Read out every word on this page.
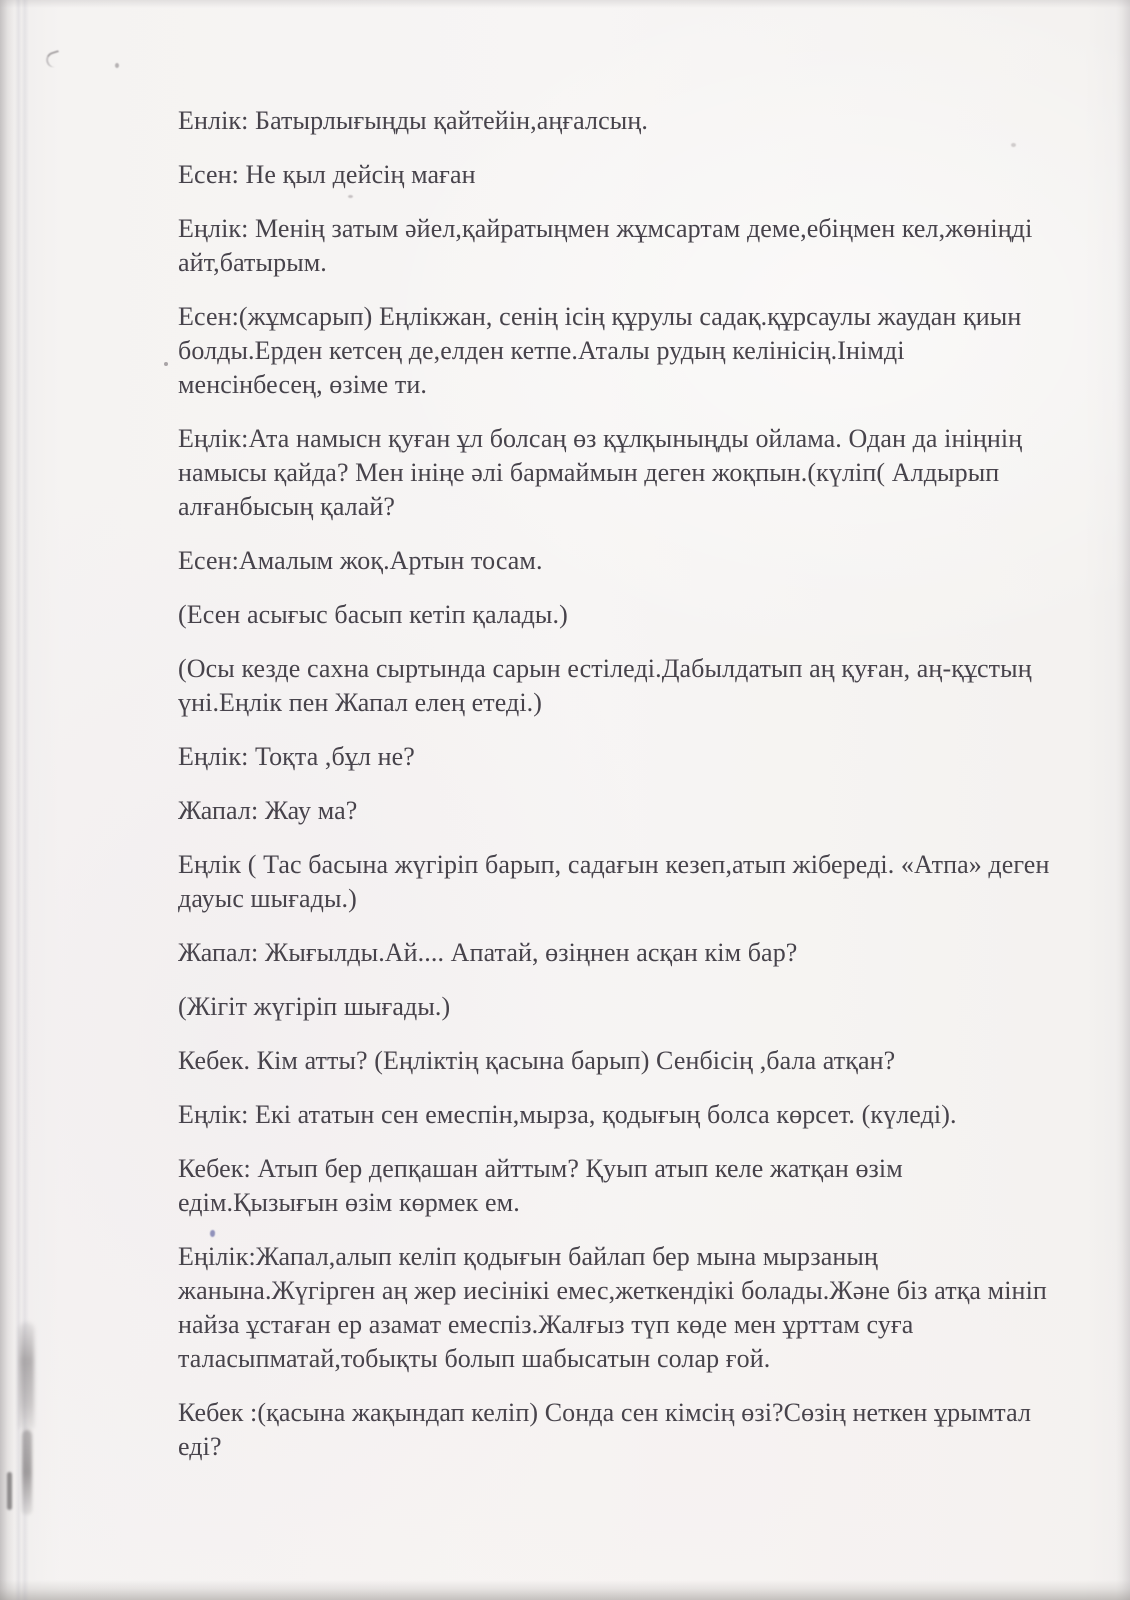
Енлік: Батырлығыңды қайтейін,аңғалсың.

Есен: Не қыл дейсің маған

Еңлік: Менің затым әйел,қайратыңмен жұмсартам деме,ебіңмен кел,жөніңді
айт,батырым.

Есен:(жұмсарып) Еңлікжан, сенің ісің құрулы садақ.құрсаулы жаудан қиын
болды.Ерден кетсең де,елден кетпе.Аталы рудың келінісің.Інімді
менсінбесең, өзіме ти.

Еңлік:Ата намысн қуған ұл болсаң өз құлқыныңды ойлама. Одан да ініңнің
намысы қайда? Мен ініңе әлі бармаймын деген жоқпын.(күліп( Алдырып
алғанбысың қалай?

Есен:Амалым жоқ.Артын тосам.

(Есен асығыс басып кетіп қалады.)

(Осы кезде сахна сыртында сарын естіледі.Дабылдатып аң қуған, аң-құстың
үні.Еңлік пен Жапал елең етеді.)

Еңлік: Тоқта ,бұл не?

Жапал: Жау ма?

Еңлік ( Тас басына жүгіріп барып, садағын кезеп,атып жібереді. «Атпа» деген
дауыс шығады.)

Жапал: Жығылды.Ай.... Апатай, өзіңнен асқан кім бар?

(Жігіт жүгіріп шығады.)

Кебек. Кім атты? (Еңліктің қасына барып) Сенбісің ,бала атқан?

Еңлік: Екі ататын сен емеспін,мырза, қодығың болса көрсет. (күледі).

Кебек: Атып бер депқашан айттым? Қуып атып келе жатқан өзім
едім.Қызығын өзім көрмек ем.

Еңілік:Жапал,алып келіп қодығын байлап бер мына мырзаның
жанына.Жүгірген аң жер иесінікі емес,жеткендікі болады.Және біз атқа мініп
найза ұстаған ер азамат емеспіз.Жалғыз түп көде мен ұрттам суға
таласыпматай,тобықты болып шабысатын солар ғой.

Кебек :(қасына жақындап келіп) Сонда сен кімсің өзі?Сөзің неткен ұрымтал
еді?
